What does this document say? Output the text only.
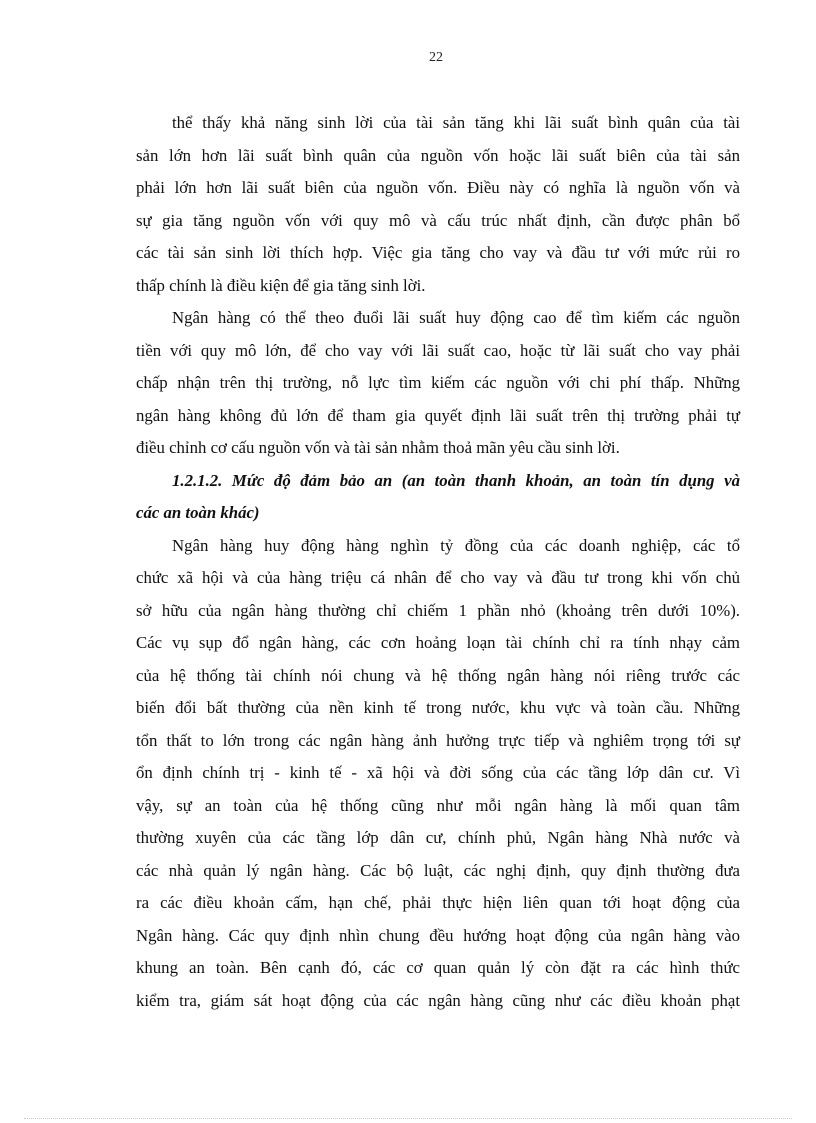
22
thể thấy khả năng sinh lời của tài sản tăng khi lãi suất bình quân của tài
sản lớn hơn lãi suất bình quân của nguồn vốn hoặc lãi suất biên của tài sản
phải lớn hơn lãi suất biên của nguồn vốn. Điều này có nghĩa là nguồn vốn và
sự gia tăng nguồn vốn với quy mô và cấu trúc nhất định, cần được phân bổ
các tài sản sinh lời thích hợp. Việc gia tăng cho vay và đầu tư với mức rủi ro
thấp chính là điều kiện để gia tăng sinh lời.
Ngân hàng có thể theo đuổi lãi suất huy động cao để tìm kiếm các nguồn
tiền với quy mô lớn, để cho vay với lãi suất cao, hoặc từ lãi suất cho vay phải
chấp nhận trên thị trường, nỗ lực tìm kiếm các nguồn với chi phí thấp. Những
ngân hàng không đủ lớn để tham gia quyết định lãi suất trên thị trường phải tự
điều chỉnh cơ cấu nguồn vốn và tài sản nhằm thoả mãn yêu cầu sinh lời.
1.2.1.2. Mức độ đảm bảo an (an toàn thanh khoản, an toàn tín dụng và
các an toàn khác)
Ngân hàng huy động hàng nghìn tỷ đồng của các doanh nghiệp, các tổ
chức xã hội và của hàng triệu cá nhân để cho vay và đầu tư trong khi vốn chủ
sở hữu của ngân hàng thường chỉ chiếm 1 phần nhỏ (khoảng trên dưới 10%).
Các vụ sụp đổ ngân hàng, các cơn hoảng loạn tài chính chỉ ra tính nhạy cảm
của hệ thống tài chính nói chung và hệ thống ngân hàng nói riêng trước các
biến đổi bất thường của nền kinh tế trong nước, khu vực và toàn cầu. Những
tổn thất to lớn trong các ngân hàng ảnh hưởng trực tiếp và nghiêm trọng tới sự
ổn định chính trị - kinh tế - xã hội và đời sống của các tầng lớp dân cư. Vì
vậy, sự an toàn của hệ thống cũng như mỗi ngân hàng là mối quan tâm
thường xuyên của các tầng lớp dân cư, chính phủ, Ngân hàng Nhà nước và
các nhà quản lý ngân hàng. Các bộ luật, các nghị định, quy định thường đưa
ra các điều khoản cấm, hạn chế, phải thực hiện liên quan tới hoạt động của
Ngân hàng. Các quy định nhìn chung đều hướng hoạt động của ngân hàng vào
khung an toàn. Bên cạnh đó, các cơ quan quản lý còn đặt ra các hình thức
kiểm tra, giám sát hoạt động của các ngân hàng cũng như các điều khoản phạt
